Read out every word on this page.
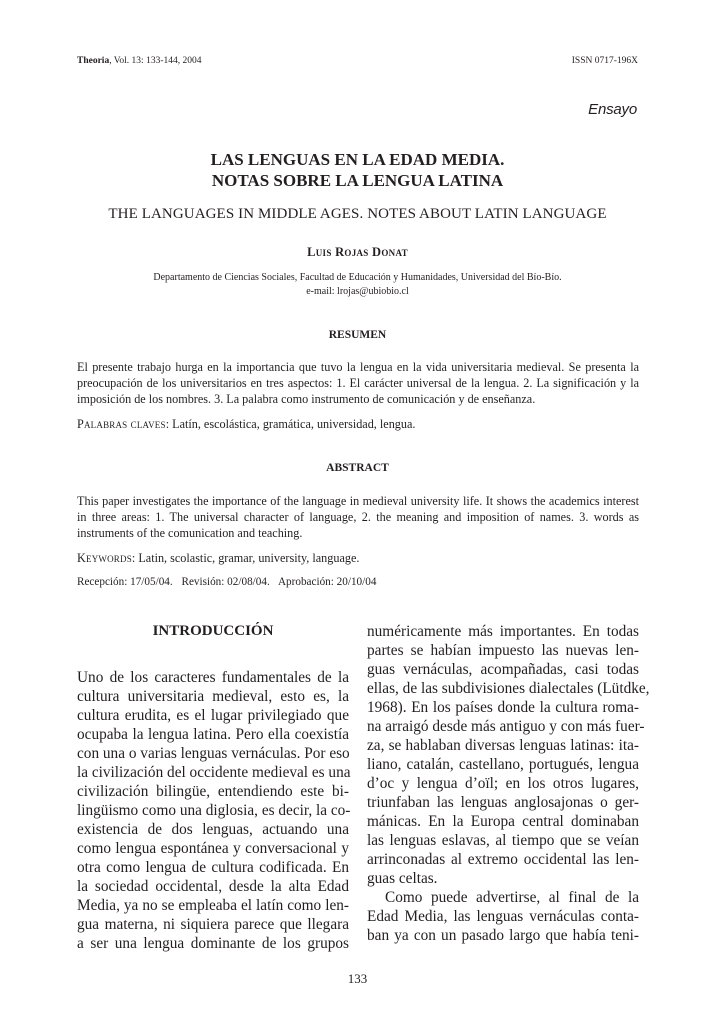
Theoria, Vol. 13: 133-144, 2004	ISSN 0717-196X
Ensayo
LAS LENGUAS EN LA EDAD MEDIA.
NOTAS SOBRE LA LENGUA LATINA
THE LANGUAGES IN MIDDLE AGES. NOTES ABOUT LATIN LANGUAGE
Luis Rojas Donat
Departamento de Ciencias Sociales, Facultad de Educación y Humanidades, Universidad del Bío-Bío.
e-mail: lrojas@ubiobio.cl
RESUMEN
El presente trabajo hurga en la importancia que tuvo la lengua en la vida universitaria medieval. Se presenta la preocupación de los universitarios en tres aspectos: 1. El carácter universal de la lengua. 2. La significación y la imposición de los nombres. 3. La palabra como instrumento de comunicación y de enseñanza.
Palabras claves: Latín, escolástica, gramática, universidad, lengua.
ABSTRACT
This paper investigates the importance of the language in medieval university life. It shows the academics interest in three areas: 1. The universal character of language, 2. the meaning and imposition of names. 3. words as instruments of the comunication and teaching.
Keywords: Latin, scolastic, gramar, university, language.
Recepción: 17/05/04. Revisión: 02/08/04. Aprobación: 20/10/04
INTRODUCCIÓN

Uno de los caracteres fundamentales de la
cultura universitaria medieval, esto es, la
cultura erudita, es el lugar privilegiado que
ocupaba la lengua latina. Pero ella coexistía
con una o varias lenguas vernáculas. Por eso
la civilización del occidente medieval es una
civilización bilingüe, entendiendo este bi-
lingüismo como una diglosia, es decir, la co-
existencia de dos lenguas, actuando una
como lengua espontánea y conversacional y
otra como lengua de cultura codificada. En
la sociedad occidental, desde la alta Edad
Media, ya no se empleaba el latín como len-
gua materna, ni siquiera parece que llegara
a ser una lengua dominante de los grupos

numéricamente más importantes. En todas
partes se habían impuesto las nuevas len-
guas vernáculas, acompañadas, casi todas
ellas, de las subdivisiones dialectales (Lütdke,
1968). En los países donde la cultura roma-
na arraigó desde más antiguo y con más fuer-
za, se hablaban diversas lenguas latinas: ita-
liano, catalán, castellano, portugués, lengua
d’oc y lengua d’oïl; en los otros lugares,
triunfaban las lenguas anglosajonas o ger-
mánicas. En la Europa central dominaban
las lenguas eslavas, al tiempo que se veían
arrinconadas al extremo occidental las len-
guas celtas.

Como puede advertirse, al final de la
Edad Media, las lenguas vernáculas conta-
ban ya con un pasado largo que había teni-

133
